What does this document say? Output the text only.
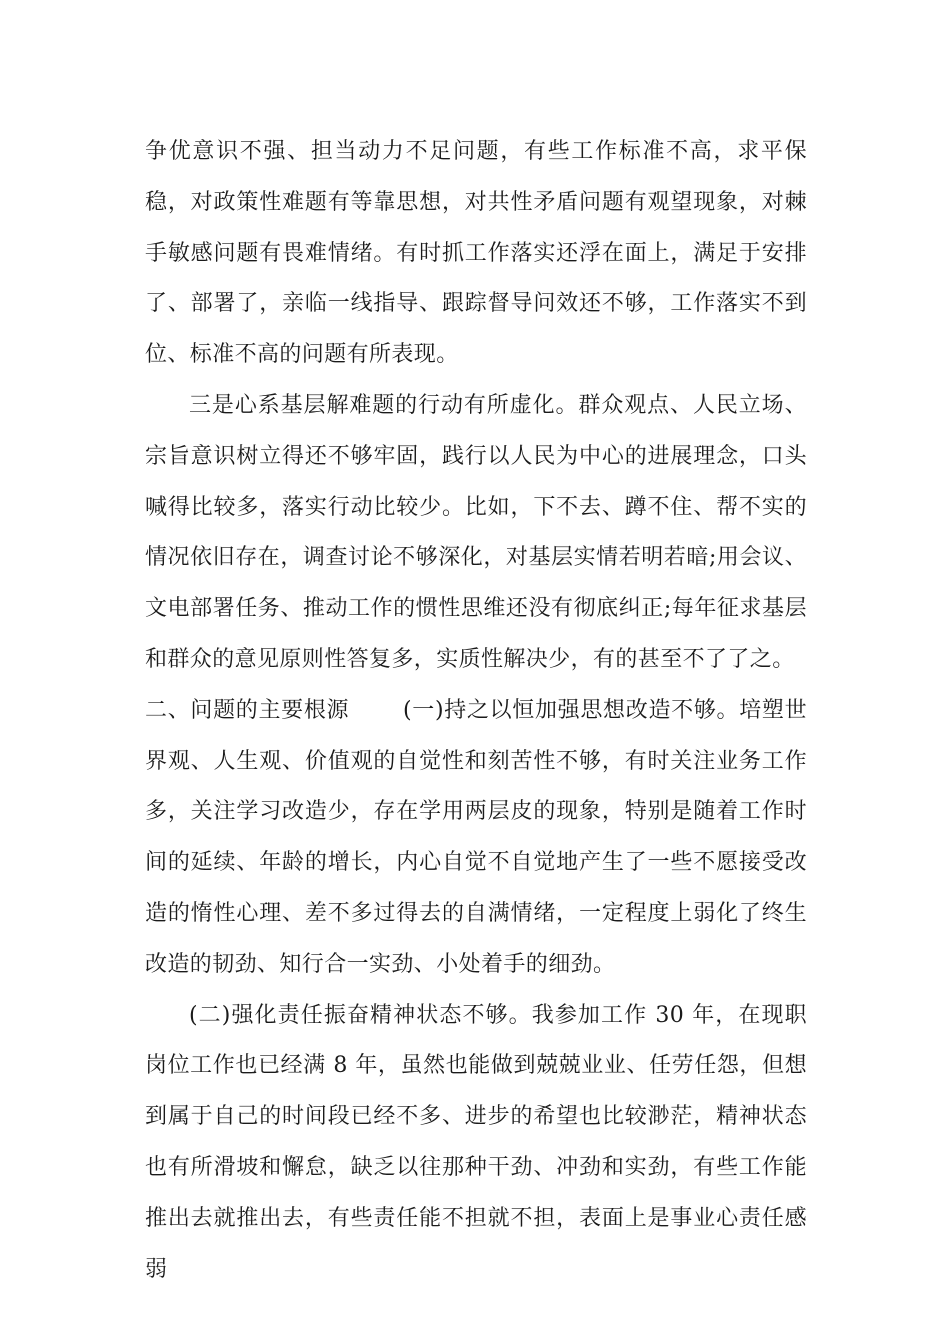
争优意识不强、担当动力不足问题，有些工作标准不高，求平保稳，对政策性难题有等靠思想，对共性矛盾问题有观望现象，对棘手敏感问题有畏难情绪。有时抓工作落实还浮在面上，满足于安排了、部署了，亲临一线指导、跟踪督导问效还不够，工作落实不到位、标准不高的问题有所表现。

三是心系基层解难题的行动有所虚化。群众观点、人民立场、宗旨意识树立得还不够牢固，践行以人民为中心的进展理念，口头喊得比较多，落实行动比较少。比如，下不去、蹲不住、帮不实的情况依旧存在，调查讨论不够深化，对基层实情若明若暗;用会议、文电部署任务、推动工作的惯性思维还没有彻底纠正;每年征求基层和群众的意见原则性答复多，实质性解决少，有的甚至不了了之。

二、问题的主要根源 (一)持之以恒加强思想改造不够。培塑世界观、人生观、价值观的自觉性和刻苦性不够，有时关注业务工作多，关注学习改造少，存在学用两层皮的现象，特别是随着工作时间的延续、年龄的增长，内心自觉不自觉地产生了一些不愿接受改造的惰性心理、差不多过得去的自满情绪，一定程度上弱化了终生改造的韧劲、知行合一实劲、小处着手的细劲。

(二)强化责任振奋精神状态不够。我参加工作 30 年，在现职岗位工作也已经满 8 年，虽然也能做到兢兢业业、任劳任怨，但想到属于自己的时间段已经不多、进步的希望也比较渺茫，精神状态也有所滑坡和懈怠，缺乏以往那种干劲、冲劲和实劲，有些工作能推出去就推出去，有些责任能不担就不担，表面上是事业心责任感弱
